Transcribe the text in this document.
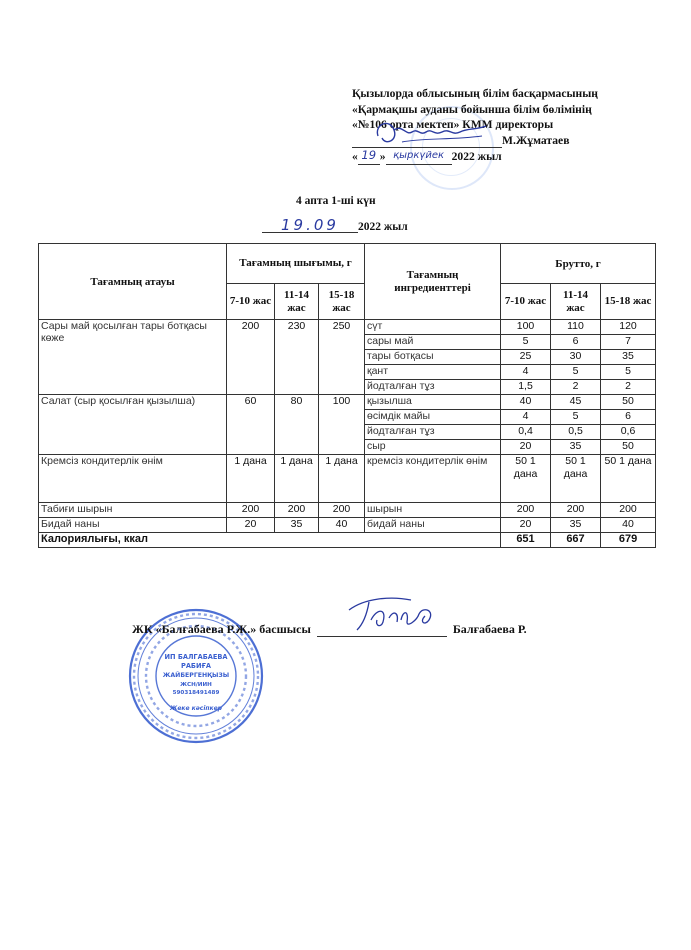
Қызылорда облысының білім басқармасының
«Қармақшы ауданы бойынша білім бөлімінің
«№106 орта мектеп» КММ директоры
М.Жұматаев
« 19 » қыркүйек 2022 жыл
4 апта 1-ші күн
19.09 2022 жыл
Тағамның атауы	Тағамның шығымы, г			Тағамның ингредиенттері	Брутто, г		
	7-10 жас	11-14 жас	15-18 жас		7-10 жас	11-14 жас	15-18 жас
Сары май қосылған тары ботқасы көже	200	230	250	сүт	100	110	120
				сары май	5	6	7
				тары ботқасы	25	30	35
				қант	4	5	5
				йодталған тұз	1,5	2	2
Салат (сыр қосылған қызылша)	60	80	100	қызылша	40	45	50
				өсімдік майы	4	5	6
				йодталған тұз	0,4	0,5	0,6
				сыр	20	35	50
Кремсіз кондитерлік өнім	1 дана	1 дана	1 дана	кремсіз кондитерлік өнім	50 1 дана	50 1 дана	50 1 дана
Табиғи шырын	200	200	200	шырын	200	200	200
Бидай наны	20	35	40	бидай наны	20	35	40
Калориялығы, ккал					651	667	679
ИП БАЛГАБАЕВА
РАБИҒА
ЖАЙБЕРГЕНҚЫЗЫ
ЖСН/ИИН
590318491489
Жеке кәсіпкер
ЖК «Балғабаева Р.Ж.» басшысы	Балғабаева Р.
